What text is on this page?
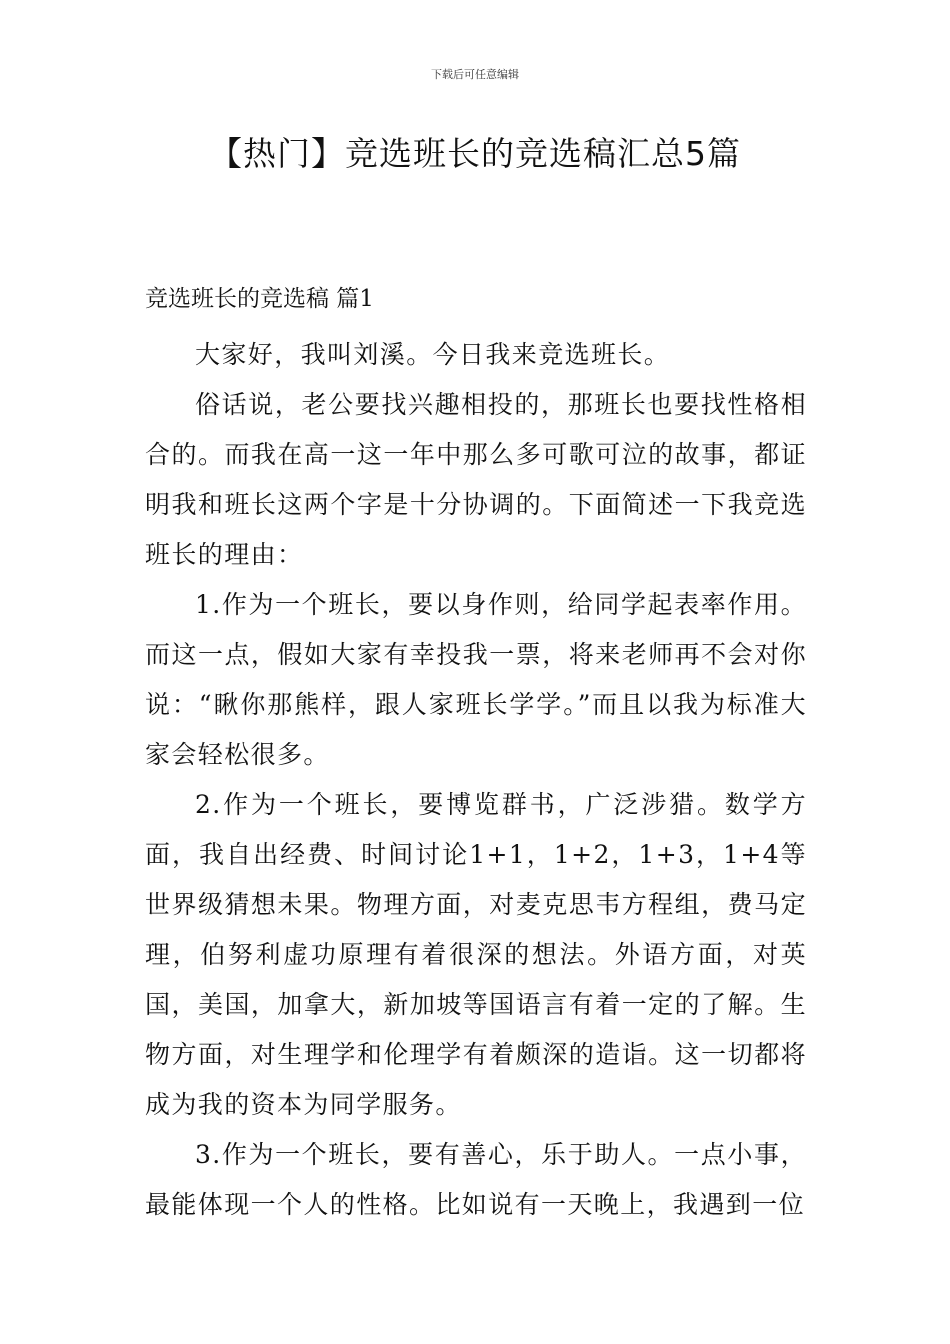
下载后可任意编辑
【热门】竞选班长的竞选稿汇总5篇
竞选班长的竞选稿 篇1

大家好，我叫刘溪。今日我来竞选班长。

俗话说，老公要找兴趣相投的，那班长也要找性格相合的。而我在高一这一年中那么多可歌可泣的故事，都证明我和班长这两个字是十分协调的。下面简述一下我竞选班长的理由：

1.作为一个班长，要以身作则，给同学起表率作用。而这一点，假如大家有幸投我一票，将来老师再不会对你说：“瞅你那熊样，跟人家班长学学。”而且以我为标准大家会轻松很多。

2.作为一个班长，要博览群书，广泛涉猎。数学方面，我自出经费、时间讨论1+1，1+2，1+3，1+4等世界级猜想未果。物理方面，对麦克思韦方程组，费马定理，伯努利虚功原理有着很深的想法。外语方面，对英国，美国，加拿大，新加坡等国语言有着一定的了解。生物方面，对生理学和伦理学有着颇深的造诣。这一切都将成为我的资本为同学服务。

3.作为一个班长，要有善心，乐于助人。一点小事，最能体现一个人的性格。比如说有一天晚上，我遇到一位
